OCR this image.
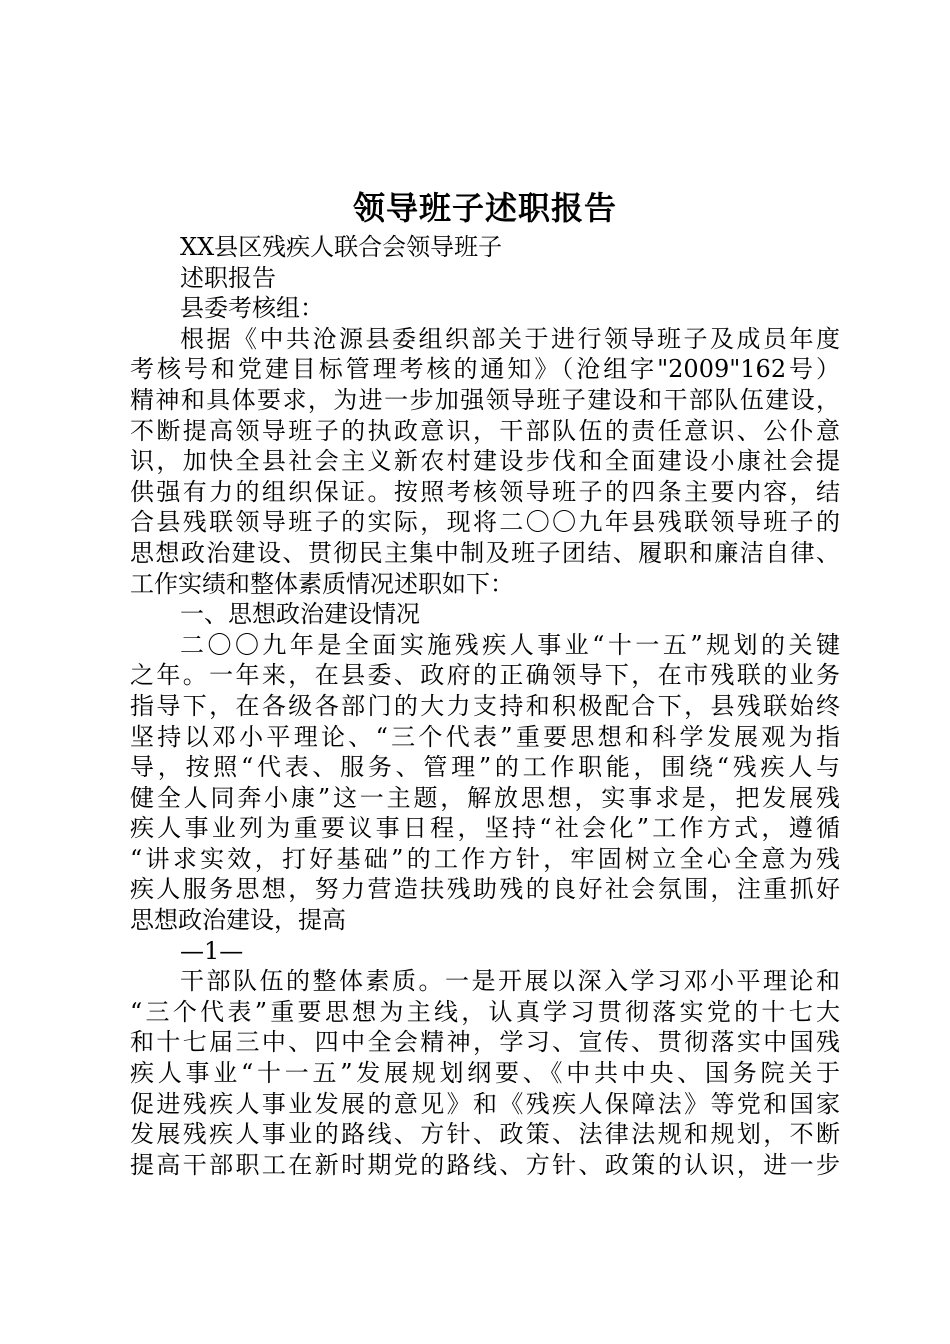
领导班子述职报告
XX县区残疾人联合会领导班子
述职报告
县委考核组：
根据《中共沧源县委组织部关于进行领导班子及成员年度
考核号和党建目标管理考核的通知》（沧组字"2009"162号）
精神和具体要求，为进一步加强领导班子建设和干部队伍建设，
不断提高领导班子的执政意识，干部队伍的责任意识、公仆意
识，加快全县社会主义新农村建设步伐和全面建设小康社会提
供强有力的组织保证。按照考核领导班子的四条主要内容，结
合县残联领导班子的实际，现将二〇〇九年县残联领导班子的
思想政治建设、贯彻民主集中制及班子团结、履职和廉洁自律、
工作实绩和整体素质情况述职如下：
一、思想政治建设情况
二〇〇九年是全面实施残疾人事业“十一五”规划的关键
之年。一年来，在县委、政府的正确领导下，在市残联的业务
指导下，在各级各部门的大力支持和积极配合下，县残联始终
坚持以邓小平理论、“三个代表”重要思想和科学发展观为指
导，按照“代表、服务、管理”的工作职能，围绕“残疾人与
健全人同奔小康”这一主题，解放思想，实事求是，把发展残
疾人事业列为重要议事日程，坚持“社会化”工作方式，遵循
“讲求实效，打好基础”的工作方针，牢固树立全心全意为残
疾人服务思想，努力营造扶残助残的良好社会氛围，注重抓好
思想政治建设，提高
—1—
干部队伍的整体素质。一是开展以深入学习邓小平理论和
“三个代表”重要思想为主线，认真学习贯彻落实党的十七大
和十七届三中、四中全会精神，学习、宣传、贯彻落实中国残
疾人事业“十一五”发展规划纲要、《中共中央、国务院关于
促进残疾人事业发展的意见》和《残疾人保障法》等党和国家
发展残疾人事业的路线、方针、政策、法律法规和规划，不断
提高干部职工在新时期党的路线、方针、政策的认识，进一步
